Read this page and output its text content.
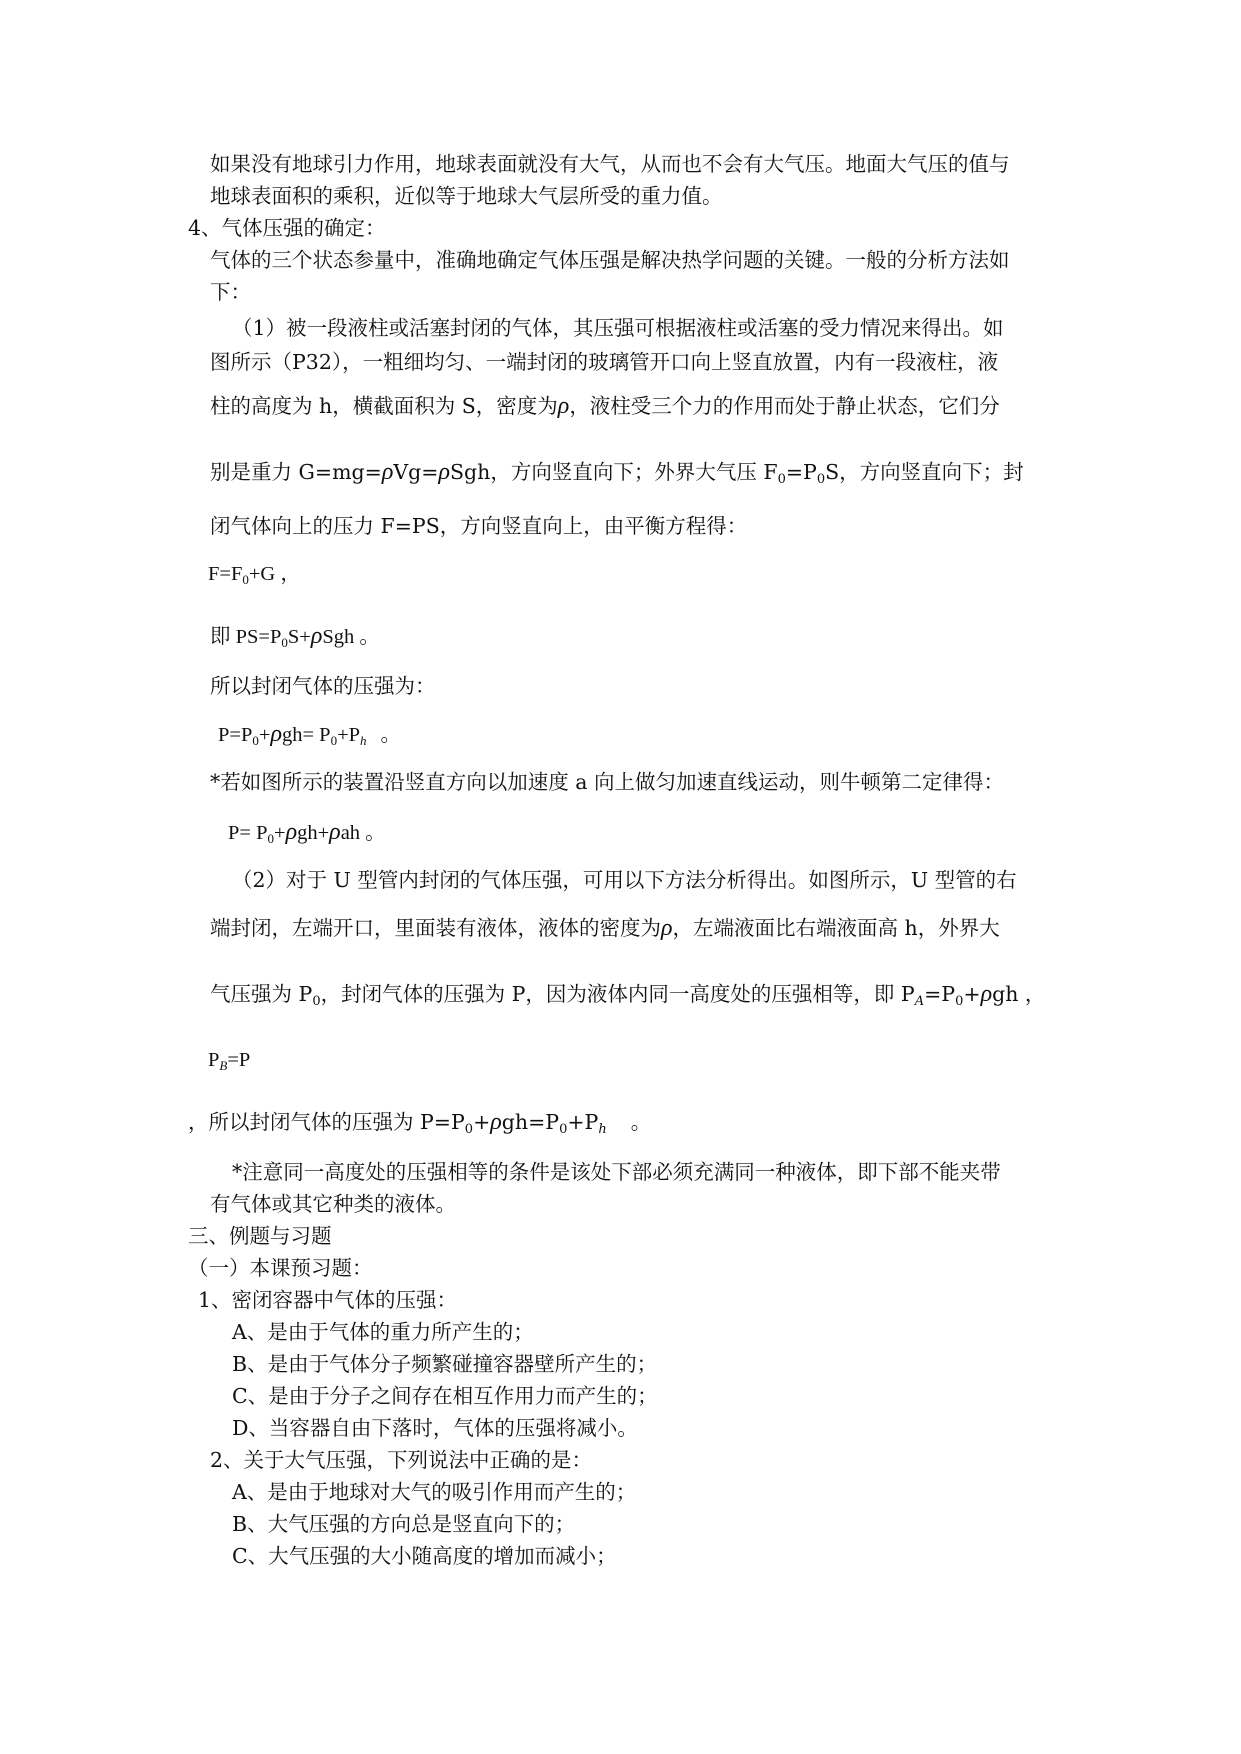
如果没有地球引力作用，地球表面就没有大气，从而也不会有大气压。地面大气压的值与
地球表面积的乘积，近似等于地球大气层所受的重力值。
4、气体压强的确定：
气体的三个状态参量中，准确地确定气体压强是解决热学问题的关键。一般的分析方法如
下：
（1）被一段液柱或活塞封闭的气体，其压强可根据液柱或活塞的受力情况来得出。如
图所示（P32），一粗细均匀、一端封闭的玻璃管开口向上竖直放置，内有一段液柱，液
柱的高度为 h，横截面积为 S，密度为ρ，液柱受三个力的作用而处于静止状态，它们分
别是重力 G=mg=ρVg=ρSgh，方向竖直向下；外界大气压 $F_0=P_0S$，方向竖直向下；封
闭气体向上的压力 F=PS，方向竖直向上，由平衡方程得：
$F=F_0+G$ ，
即 $PS=P_0S+\rho Sgh$ 。
所以封闭气体的压强为：
$P=P_0+\rho gh= P_0+P_h$ 。
*若如图所示的装置沿竖直方向以加速度 a 向上做匀加速直线运动，则牛顿第二定律得：
$P= P_0+\rho gh+\rho ah$ 。
（2）对于 U 型管内封闭的气体压强，可用以下方法分析得出。如图所示，U 型管的右
端封闭，左端开口，里面装有液体，液体的密度为ρ，左端液面比右端液面高 h，外界大
气压强为 $P_0$，封闭气体的压强为 P，因为液体内同一高度处的压强相等，即 $P_A=P_0+\rho gh$ ，
$P_B=P$
，所以封闭气体的压强为 $P=P_0+\rho gh=P_0+P_h$ 。
*注意同一高度处的压强相等的条件是该处下部必须充满同一种液体，即下部不能夹带
有气体或其它种类的液体。
三、例题与习题
（一）本课预习题：
1、密闭容器中气体的压强：
A、是由于气体的重力所产生的；
B、是由于气体分子频繁碰撞容器壁所产生的；
C、是由于分子之间存在相互作用力而产生的；
D、当容器自由下落时，气体的压强将减小。
2、关于大气压强，下列说法中正确的是：
A、是由于地球对大气的吸引作用而产生的；
B、大气压强的方向总是竖直向下的；
C、大气压强的大小随高度的增加而减小；
